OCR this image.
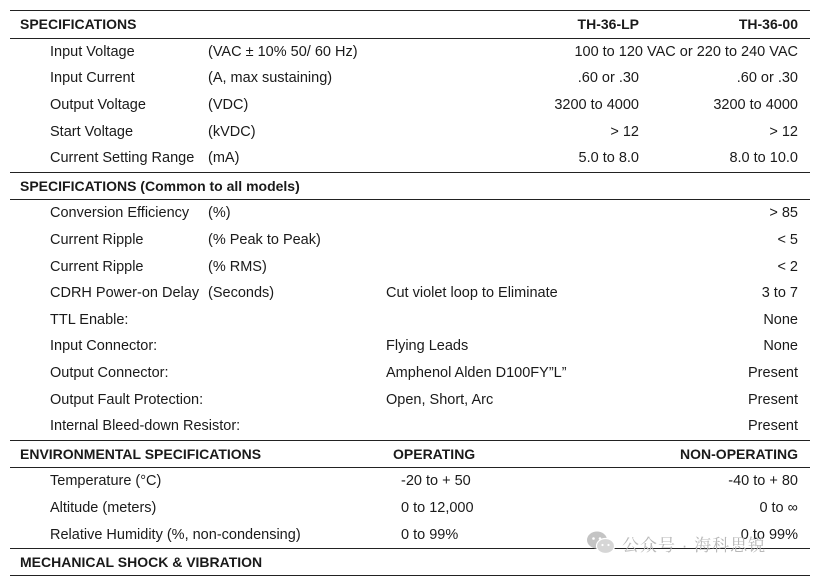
SPECIFICATIONS	TH-36-LP	TH-36-00
Input Voltage	(VAC ± 10% 50/ 60 Hz)	100 to 120 VAC or 220 to 240 VAC
Input Current	(A, max sustaining)	.60 or .30	.60 or .30
Output Voltage	(VDC)	3200 to 4000	3200 to 4000
Start Voltage	(kVDC)	> 12	> 12
Current Setting Range (mA)	5.0 to 8.0	8.0 to 10.0
SPECIFICATIONS (Common to all models)
Conversion Efficiency (%)	> 85
Current Ripple	(% Peak to Peak)	< 5
Current Ripple	(% RMS)	< 2
CDRH Power-on Delay (Seconds)	Cut violet loop to Eliminate	3 to 7
TTL Enable:	None
Input Connector:	Flying Leads	None
Output Connector:	Amphenol Alden D100FY”L”	Present
Output Fault Protection:	Open, Short, Arc	Present
Internal Bleed-down Resistor:	Present
ENVIRONMENTAL SPECIFICATIONS	OPERATING	NON-OPERATING
Temperature (°C)	-20 to + 50	-40 to + 80
Altitude (meters)	0 to 12,000	0 to ∞
Relative Humidity (%, non-condensing)	0 to 99%	0 to 99%
MECHANICAL SHOCK & VIBRATION
公众号 · 海科思锐
